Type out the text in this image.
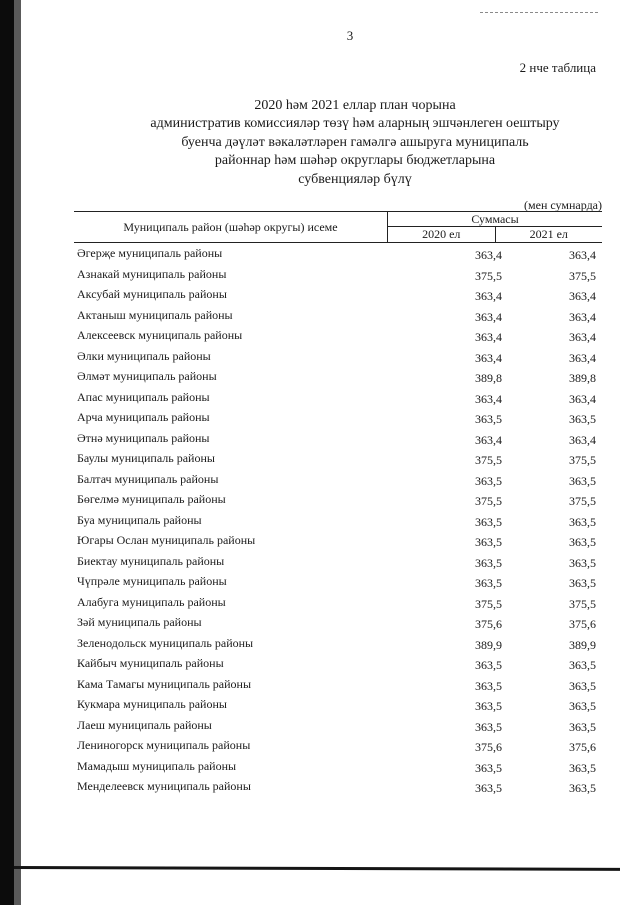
3
2 нче таблица
2020 һәм 2021 еллар план чорына
административ комиссияләр төзү һәм аларның эшчәнлеген оештыру
буенча дәүләт вәкаләтләрен гамәлгә ашыруга муниципаль
районнар һәм шәһәр округлары бюджетларына
субвенцияләр бүлү
(мен сумнарда)
Муниципаль район (шәһәр округы) исеме
Суммасы
2020 ел	2021 ел
Әгерҗе муниципаль районы	363,4	363,4
Азнакай муниципаль районы	375,5	375,5
Аксубай муниципаль районы	363,4	363,4
Актаныш муниципаль районы	363,4	363,4
Алексеевск муниципаль районы	363,4	363,4
Әлки муниципаль районы	363,4	363,4
Әлмәт муниципаль районы	389,8	389,8
Апас муниципаль районы	363,4	363,4
Арча муниципаль районы	363,5	363,5
Әтнә муниципаль районы	363,4	363,4
Баулы муниципаль районы	375,5	375,5
Балтач муниципаль районы	363,5	363,5
Бөгелмә муниципаль районы	375,5	375,5
Буа муниципаль районы	363,5	363,5
Югары Ослан муниципаль районы	363,5	363,5
Биектау муниципаль районы	363,5	363,5
Чүпрәле муниципаль районы	363,5	363,5
Алабуга муниципаль районы	375,5	375,5
Зәй муниципаль районы	375,6	375,6
Зеленодольск муниципаль районы	389,9	389,9
Кайбыч муниципаль районы	363,5	363,5
Кама Тамагы муниципаль районы	363,5	363,5
Кукмара муниципаль районы	363,5	363,5
Лаеш муниципаль районы	363,5	363,5
Лениногорск муниципаль районы	375,6	375,6
Мамадыш муниципаль районы	363,5	363,5
Менделеевск муниципаль районы	363,5	363,5
